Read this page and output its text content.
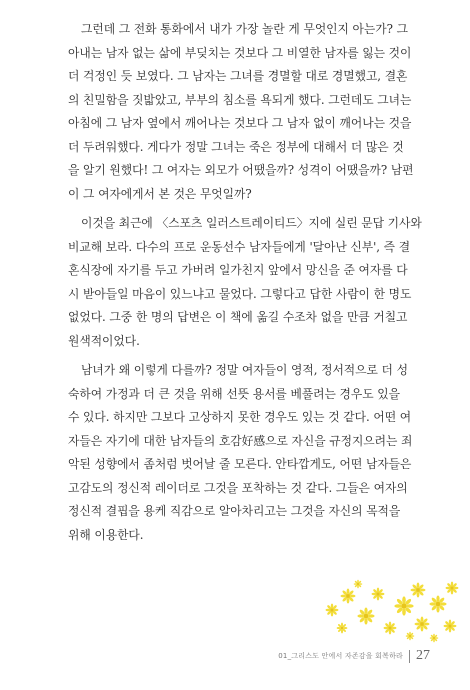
그런데 그 전화 통화에서 내가 가장 놀란 게 무엇인지 아는가? 그
아내는 남자 없는 삶에 부딪치는 것보다 그 비열한 남자를 잃는 것이
더 걱정인 듯 보였다. 그 남자는 그녀를 경멸할 대로 경멸했고, 결혼
의 친밀함을 짓밟았고, 부부의 침소를 욕되게 했다. 그런데도 그녀는
아침에 그 남자 옆에서 깨어나는 것보다 그 남자 없이 깨어나는 것을
더 두려워했다. 게다가 정말 그녀는 죽은 정부에 대해서 더 많은 것
을 알기 원했다! 그 여자는 외모가 어땠을까? 성격이 어땠을까? 남편
이 그 여자에게서 본 것은 무엇일까?
이것을 최근에 〈스포츠 일러스트레이티드〉지에 실린 문답 기사와
비교해 보라. 다수의 프로 운동선수 남자들에게 '달아난 신부', 즉 결
혼식장에 자기를 두고 가버려 일가친지 앞에서 망신을 준 여자를 다
시 받아들일 마음이 있느냐고 물었다. 그렇다고 답한 사람이 한 명도
없었다. 그중 한 명의 답변은 이 책에 옮길 수조차 없을 만큼 거칠고
원색적이었다.
남녀가 왜 이렇게 다를까? 정말 여자들이 영적, 정서적으로 더 성
숙하여 가정과 더 큰 것을 위해 선뜻 용서를 베풀려는 경우도 있을
수 있다. 하지만 그보다 고상하지 못한 경우도 있는 것 같다. 어떤 여
자들은 자기에 대한 남자들의 호감好感으로 자신을 규정지으려는 죄
악된 성향에서 좀처럼 벗어날 줄 모른다. 안타깝게도, 어떤 남자들은
고감도의 정신적 레이더로 그것을 포착하는 것 같다. 그들은 여자의
정신적 결핍을 용케 직감으로 알아차리고는 그것을 자신의 목적을
위해 이용한다.
01_그리스도 안에서 자존감을 회복하라 27
